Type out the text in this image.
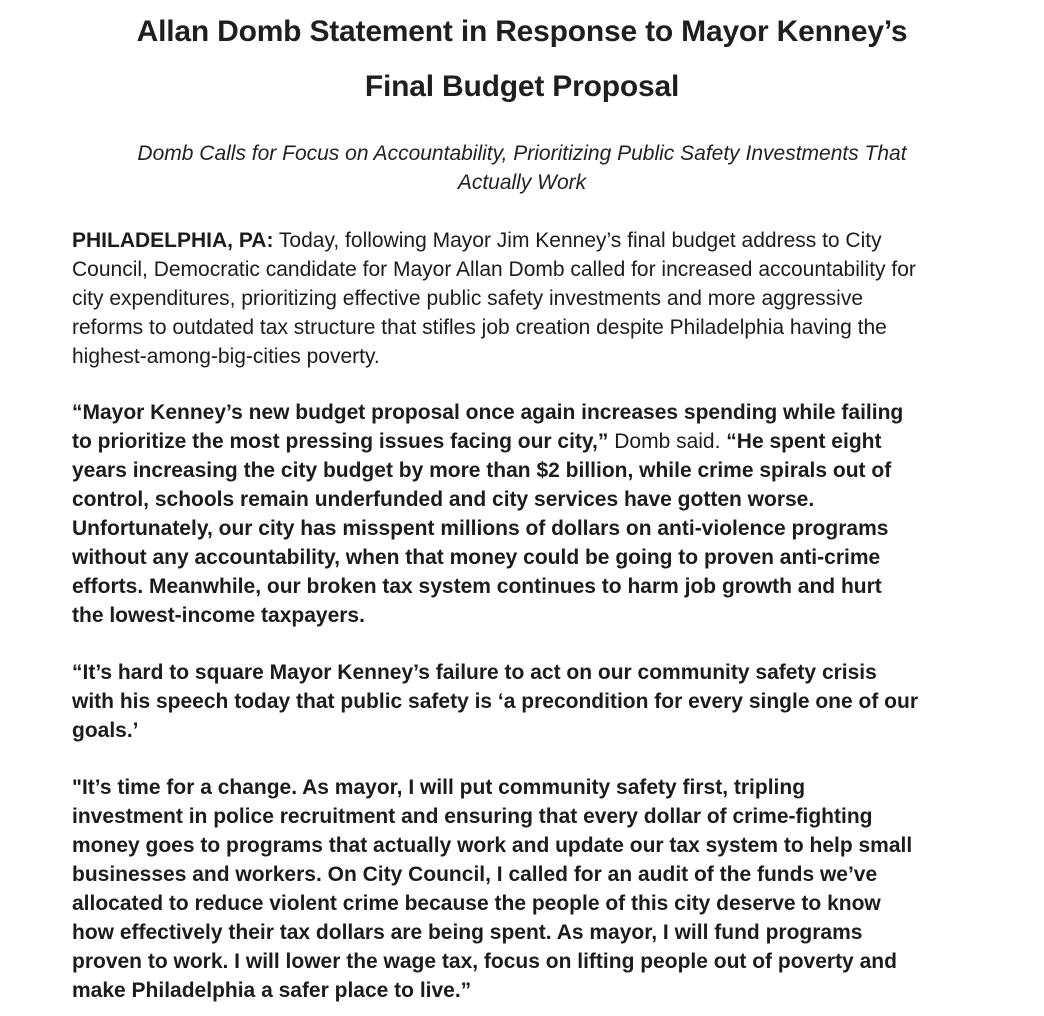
Allan Domb Statement in Response to Mayor Kenney’s
Final Budget Proposal
Domb Calls for Focus on Accountability, Prioritizing Public Safety Investments That
Actually Work

PHILADELPHIA, PA: Today, following Mayor Jim Kenney’s final budget address to City
Council, Democratic candidate for Mayor Allan Domb called for increased accountability for
city expenditures, prioritizing effective public safety investments and more aggressive
reforms to outdated tax structure that stifles job creation despite Philadelphia having the
highest-among-big-cities poverty.

“Mayor Kenney’s new budget proposal once again increases spending while failing
to prioritize the most pressing issues facing our city,” Domb said. “He spent eight
years increasing the city budget by more than $2 billion, while crime spirals out of
control, schools remain underfunded and city services have gotten worse.
Unfortunately, our city has misspent millions of dollars on anti-violence programs
without any accountability, when that money could be going to proven anti-crime
efforts. Meanwhile, our broken tax system continues to harm job growth and hurt
the lowest-income taxpayers.

“It’s hard to square Mayor Kenney’s failure to act on our community safety crisis
with his speech today that public safety is ‘a precondition for every single one of our
goals.’

"It’s time for a change. As mayor, I will put community safety first, tripling
investment in police recruitment and ensuring that every dollar of crime-fighting
money goes to programs that actually work and update our tax system to help small
businesses and workers. On City Council, I called for an audit of the funds we’ve
allocated to reduce violent crime because the people of this city deserve to know
how effectively their tax dollars are being spent. As mayor, I will fund programs
proven to work. I will lower the wage tax, focus on lifting people out of poverty and
make Philadelphia a safer place to live.”
